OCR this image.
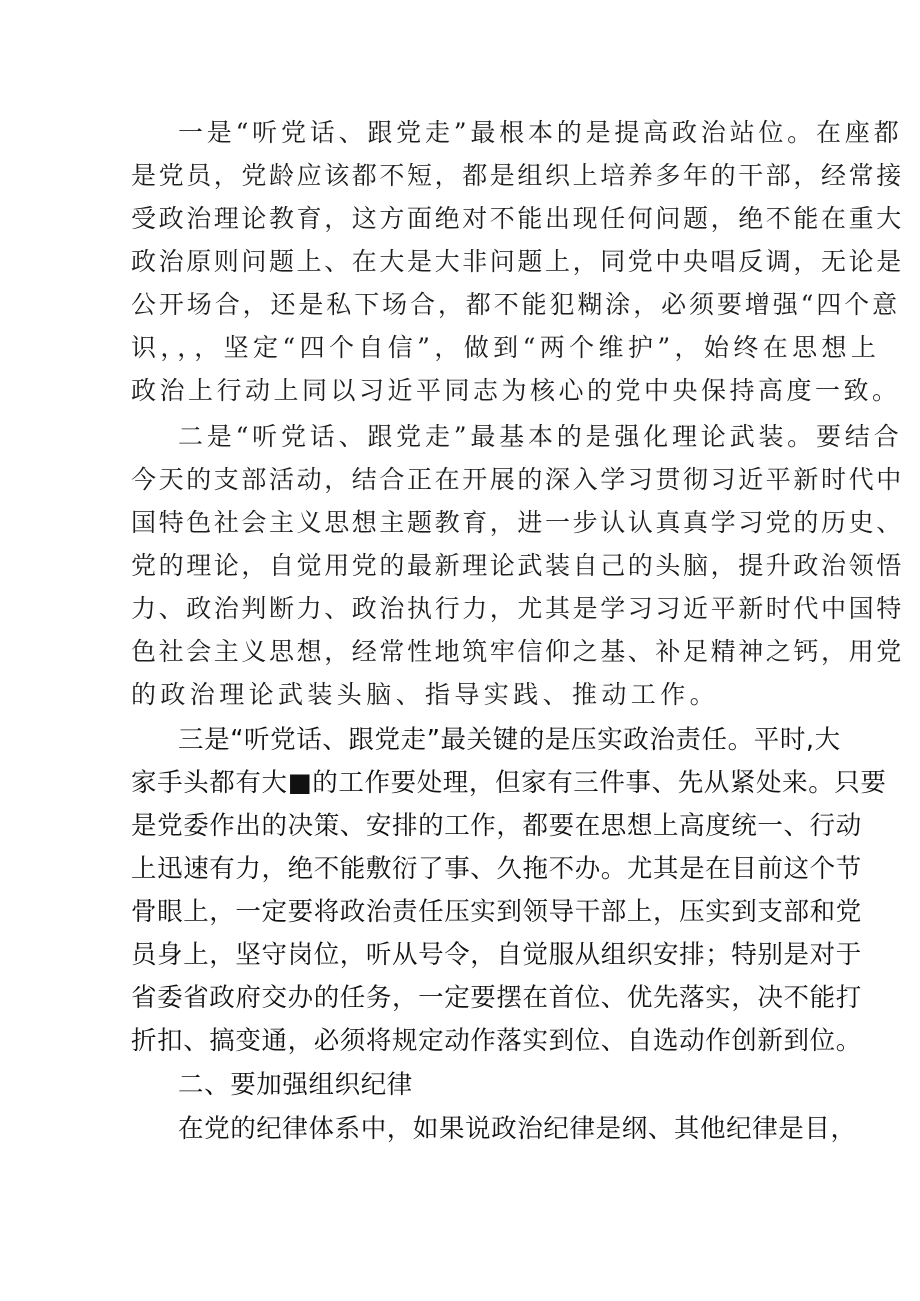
一是“听党话、跟党走”最根本的是提高政治站位。在座都

是党员，党龄应该都不短，都是组织上培养多年的干部，经常接

受政治理论教育，这方面绝对不能出现任何问题，绝不能在重大

政治原则问题上、在大是大非问题上，同党中央唱反调，无论是

公开场合，还是私下场合，都不能犯糊涂，必须要增强“四个意

识，，，坚定“四个自信”，做到“两个维护”，始终在思想上

政治上行动上同以习近平同志为核心的党中央保持高度一致。

二是“听党话、跟党走”最基本的是强化理论武装。要结合

今天的支部活动，结合正在开展的深入学习贯彻习近平新时代中

国特色社会主义思想主题教育，进一步认认真真学习党的历史、

党的理论，自觉用党的最新理论武装自己的头脑，提升政治领悟

力、政治判断力、政治执行力，尤其是学习习近平新时代中国特

色社会主义思想，经常性地筑牢信仰之基、补足精神之钙，用党

的政治理论武装头脑、指导实践、推动工作。

三是“听党话、跟党走”最关键的是压实政治责任。平时,大

家手头都有大■的工作要处理，但家有三件事、先从紧处来。只要

是党委作出的决策、安排的工作，都要在思想上高度统一、行动

上迅速有力，绝不能敷衍了事、久拖不办。尤其是在目前这个节

骨眼上，一定要将政治责任压实到领导干部上，压实到支部和党

员身上，坚守岗位，听从号令，自觉服从组织安排；特别是对于

省委省政府交办的任务，一定要摆在首位、优先落实，决不能打

折扣、搞变通，必须将规定动作落实到位、自选动作创新到位。

二、要加强组织纪律

在党的纪律体系中，如果说政治纪律是纲、其他纪律是目，
